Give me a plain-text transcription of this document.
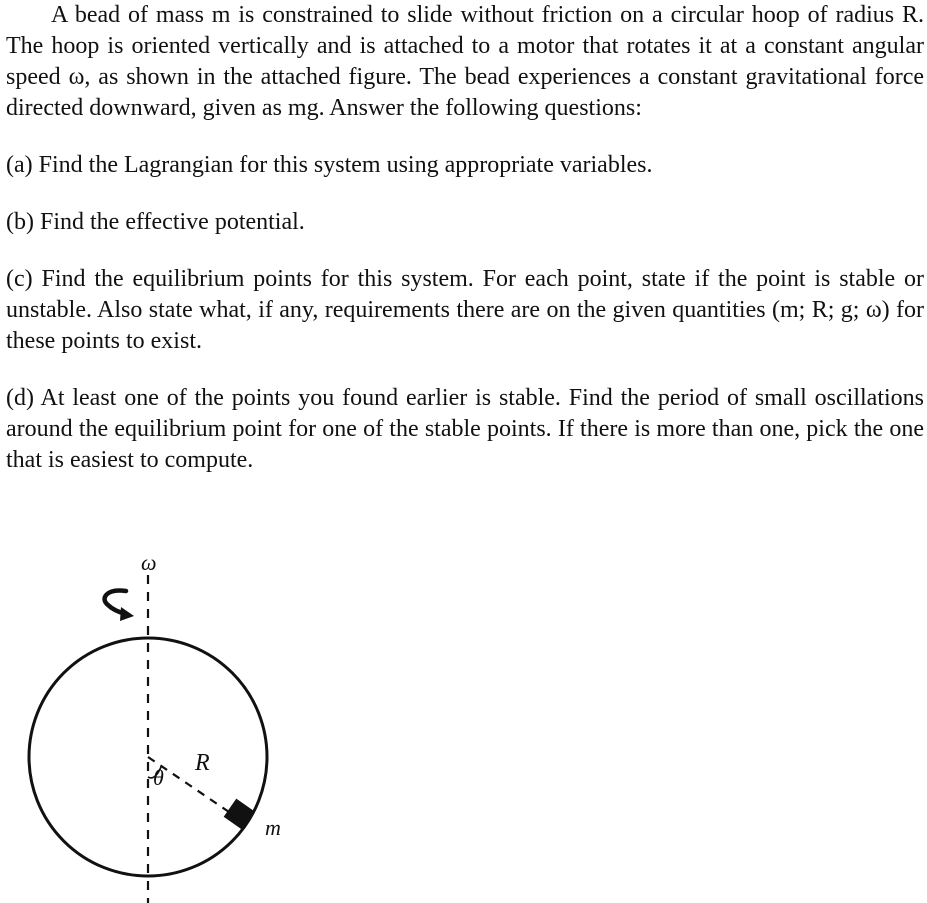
A bead of mass m is constrained to slide without friction on a circular hoop of radius R. The hoop is oriented vertically and is attached to a motor that rotates it at a constant angular speed ω, as shown in the attached figure. The bead experiences a constant gravitational force directed downward, given as mg. Answer the following questions:

(a) Find the Lagrangian for this system using appropriate variables.

(b) Find the effective potential.

(c) Find the equilibrium points for this system. For each point, state if the point is stable or unstable. Also state what, if any, requirements there are on the given quantities (m; R; g; ω) for these points to exist.

(d) At least one of the points you found earlier is stable. Find the period of small oscillations around the equilibrium point for one of the stable points. If there is more than one, pick the one that is easiest to compute.

ω
θ
R
m
